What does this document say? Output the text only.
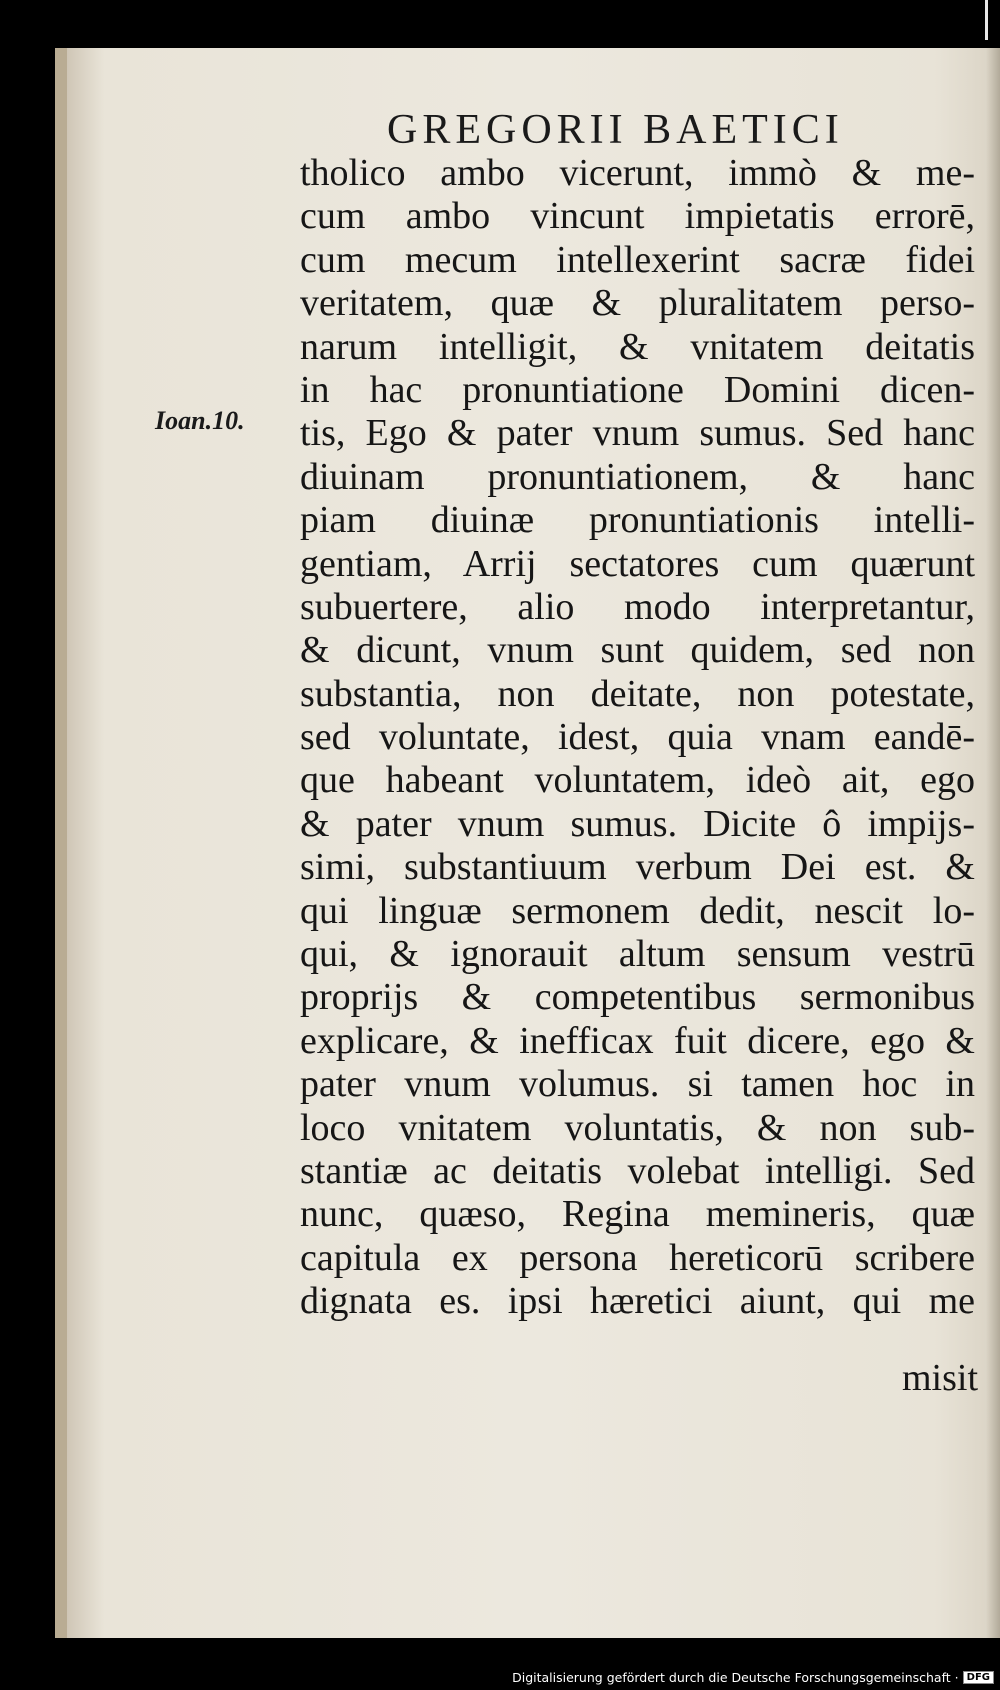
GREGORII BAETICI
Ioan.10.
tholico ambo vicerunt, immò & me-
cum ambo vincunt impietatis errorē,
cum mecum intellexerint sacræ fidei
veritatem, quæ & pluralitatem perso-
narum intelligit, & vnitatem deitatis
in hac pronuntiatione Domini dicen-
tis, Ego & pater vnum sumus. Sed hanc
diuinam pronuntiationem, & hanc
piam diuinæ pronuntiationis intelli-
gentiam, Arrij sectatores cum quærunt
subuertere, alio modo interpretantur,
& dicunt, vnum sunt quidem, sed non
substantia, non deitate, non potestate,
sed voluntate, idest, quia vnam eandē-
que habeant voluntatem, ideò ait, ego
& pater vnum sumus. Dicite ô impijs-
simi, substantiuum verbum Dei est. &
qui linguæ sermonem dedit, nescit lo-
qui, & ignorauit altum sensum vestrū
proprijs & competentibus sermonibus
explicare, & inefficax fuit dicere, ego &
pater vnum volumus. si tamen hoc in
loco vnitatem voluntatis, & non sub-
stantiæ ac deitatis volebat intelligi. Sed
nunc, quæso, Regina memineris, quæ
capitula ex persona hereticorū scribere
dignata es. ipsi hæretici aiunt, qui me
misit
Digitalisierung gefördert durch die Deutsche Forschungsgemeinschaft · DFG
